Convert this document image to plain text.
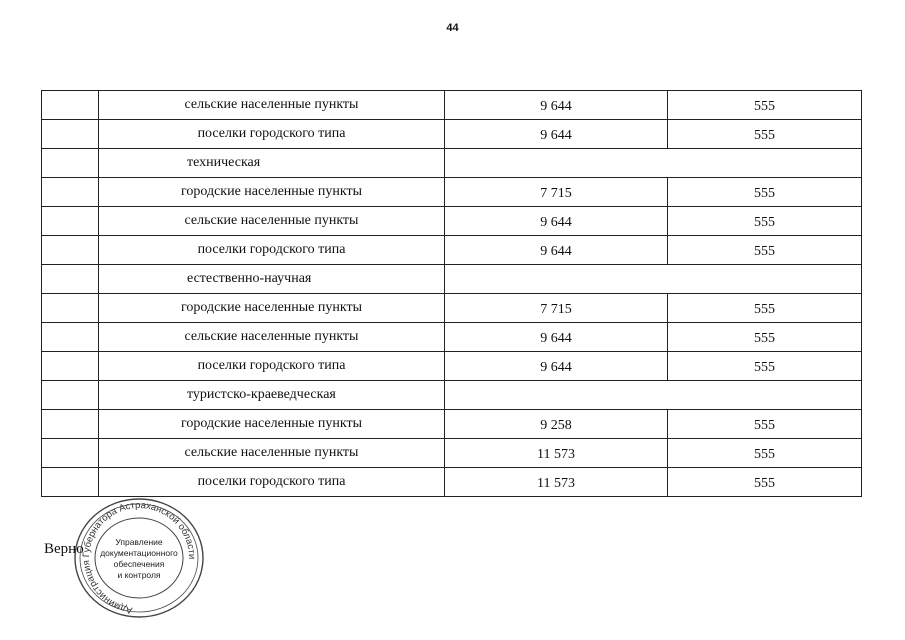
44
	сельские населенные пункты	9 644	555
	поселки городского типа	9 644	555
	техническая		
	городские населенные пункты	7 715	555
	сельские населенные пункты	9 644	555
	поселки городского типа	9 644	555
	естественно-научная		
	городские населенные пункты	7 715	555
	сельские населенные пункты	9 644	555
	поселки городского типа	9 644	555
	туристско-краеведческая		
	городские населенные пункты	9 258	555
	сельские населенные пункты	11 573	555
	поселки городского типа	11 573	555
Верно
Администрация Губернатора Астраханской области
Управление
документационного
обеспечения
и контроля
